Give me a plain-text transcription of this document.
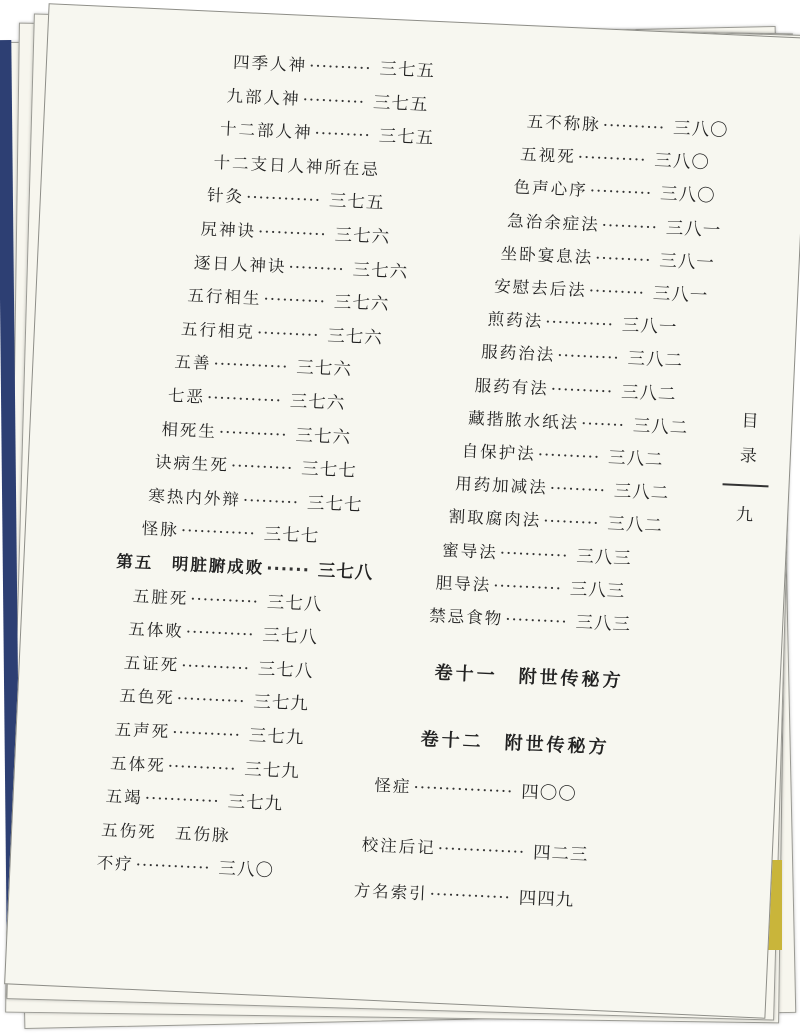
四季人神 ·········· 三七五
九部人神 ·········· 三七五
十二部人神 ········· 三七五
十二支日人神所在忌
针灸 ············ 三七五
尻神诀 ··········· 三七六
逐日人神诀 ········· 三七六
五行相生 ·········· 三七六
五行相克 ·········· 三七六
五善 ············ 三七六
七恶 ············ 三七六
相死生 ··········· 三七六
诀病生死 ·········· 三七七
寒热内外辩 ········· 三七七
怪脉 ············ 三七七
第五　明脏腑成败 ······ 三七八
五脏死 ··········· 三七八
五体败 ··········· 三七八
五证死 ··········· 三七八
五色死 ··········· 三七九
五声死 ··········· 三七九
五体死 ··········· 三七九
五竭 ············ 三七九
五伤死　五伤脉
不疗 ············ 三八〇
五不称脉 ·········· 三八〇
五视死 ··········· 三八〇
色声心序 ·········· 三八〇
急治余症法 ········· 三八一
坐卧宴息法 ········· 三八一
安慰去后法 ········· 三八一
煎药法 ··········· 三八一
服药治法 ·········· 三八二
服药有法 ·········· 三八二
藏揩脓水纸法 ······· 三八二
自保护法 ·········· 三八二
用药加减法 ········· 三八二
割取腐肉法 ········· 三八二
蜜导法 ··········· 三八三
胆导法 ··········· 三八三
禁忌食物 ·········· 三八三
卷十一　附世传秘方
卷十二　附世传秘方
怪症 ················ 四〇〇
校注后记 ·············· 四二三
方名索引 ············· 四四九
目
录
九
